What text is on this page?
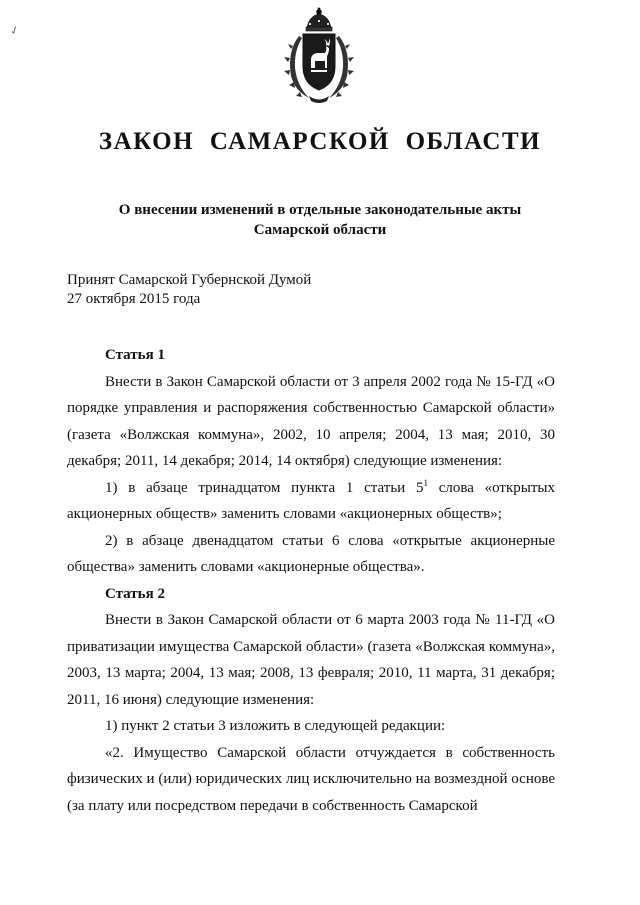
✓
ЗАКОН САМАРСКОЙ ОБЛАСТИ
О внесении изменений в отдельные законодательные акты
Самарской области
Принят Самарской Губернской Думой
27 октября 2015 года

Статья 1

Внести в Закон Самарской области от 3 апреля 2002 года № 15-ГД «О порядке управления и распоряжения собственностью Самарской области» (газета «Волжская коммуна», 2002, 10 апреля; 2004, 13 мая; 2010, 30 декабря; 2011, 14 декабря; 2014, 14 октября) следующие изменения:

1) в абзаце тринадцатом пункта 1 статьи $5^1$ слова «открытых акционерных обществ» заменить словами «акционерных обществ»;

2) в абзаце двенадцатом статьи 6 слова «открытые акционерные общества» заменить словами «акционерные общества».

Статья 2

Внести в Закон Самарской области от 6 марта 2003 года № 11-ГД «О приватизации имущества Самарской области» (газета «Волжская коммуна», 2003, 13 марта; 2004, 13 мая; 2008, 13 февраля; 2010, 11 марта, 31 декабря; 2011, 16 июня) следующие изменения:

1) пункт 2 статьи 3 изложить в следующей редакции:

«2. Имущество Самарской области отчуждается в собственность физических и (или) юридических лиц исключительно на возмездной основе (за плату или посредством передачи в собственность Самарской
